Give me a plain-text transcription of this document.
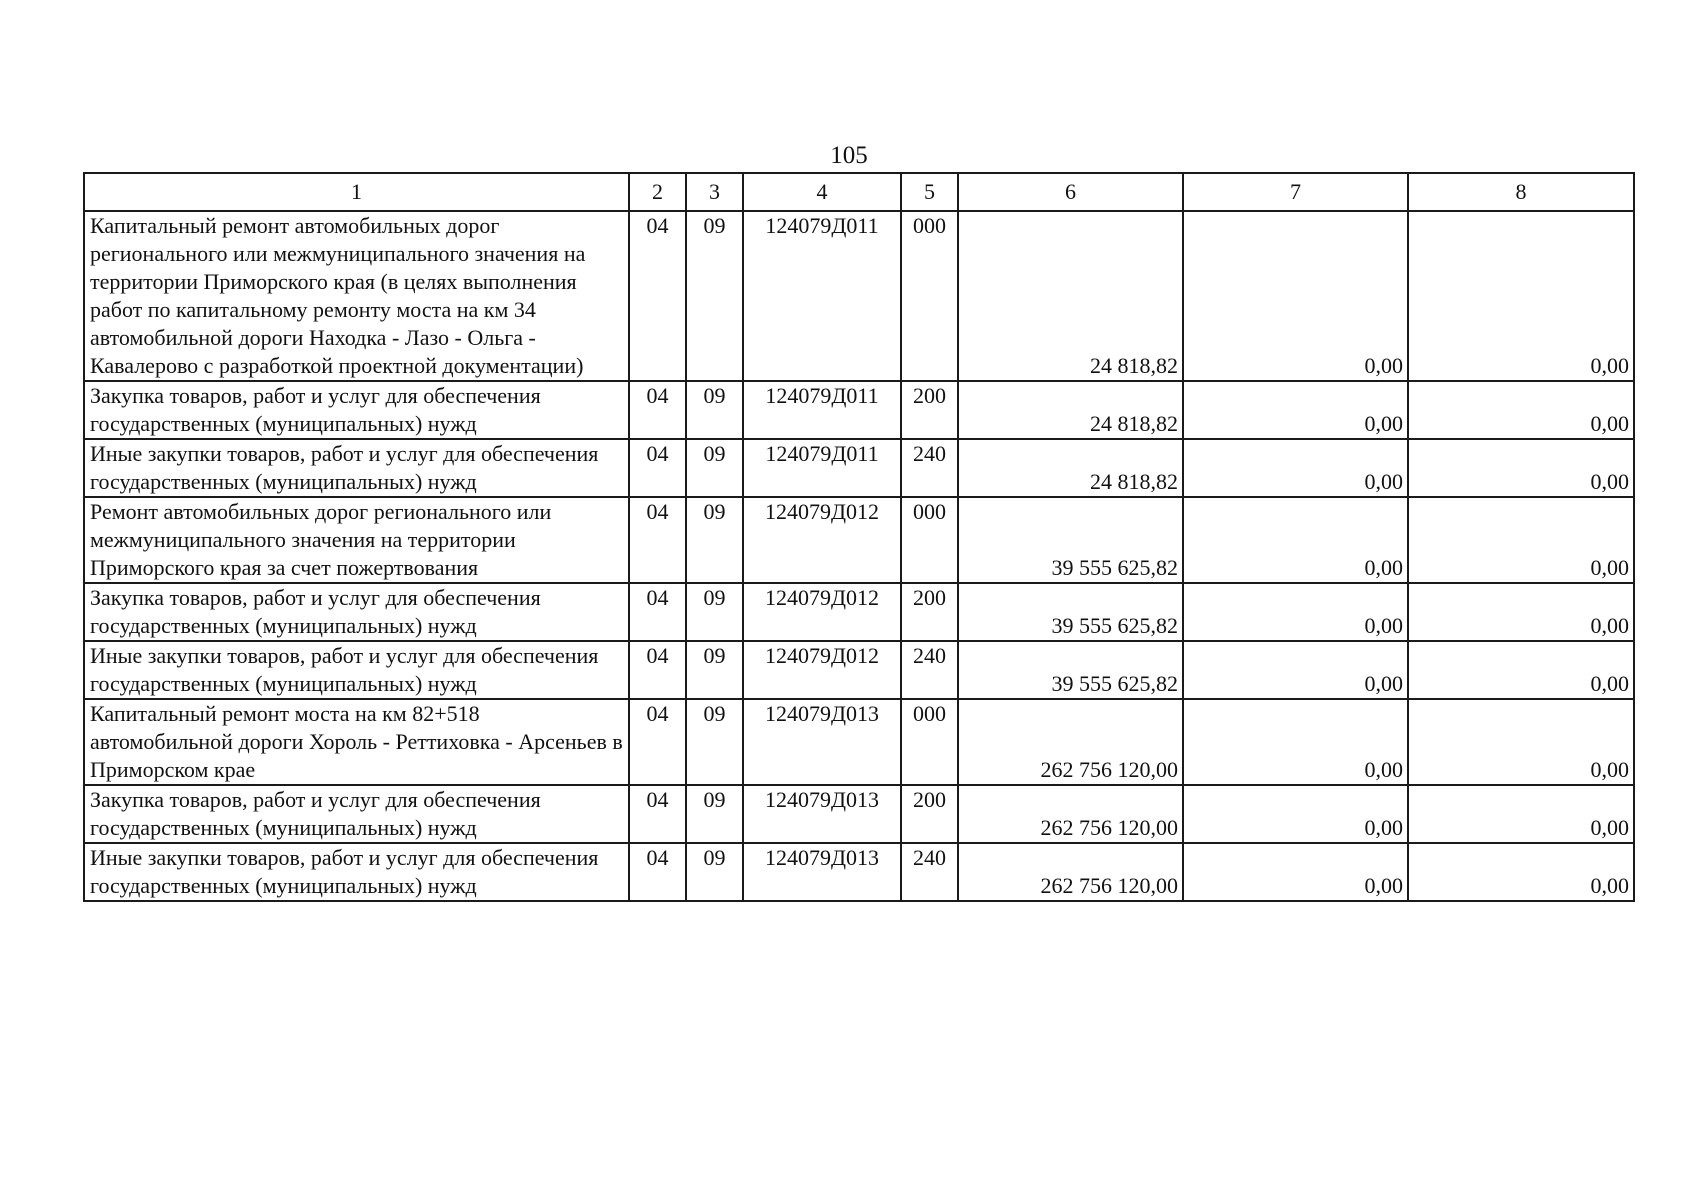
105
1	2	3	4	5	6	7	8
Капитальный ремонт автомобильных дорог регионального или межмуниципального значения на территории Приморского края (в целях выполнения работ по капитальному ремонту моста на км 34 автомобильной дороги Находка - Лазо - Ольга - Кавалерово с разработкой проектной документации)	04	09	124079Д011	000	24 818,82	0,00	0,00
Закупка товаров, работ и услуг для обеспечения государственных (муниципальных) нужд	04	09	124079Д011	200	24 818,82	0,00	0,00
Иные закупки товаров, работ и услуг для обеспечения государственных (муниципальных) нужд	04	09	124079Д011	240	24 818,82	0,00	0,00
Ремонт автомобильных дорог регионального или межмуниципального значения на территории Приморского края за счет пожертвования	04	09	124079Д012	000	39 555 625,82	0,00	0,00
Закупка товаров, работ и услуг для обеспечения государственных (муниципальных) нужд	04	09	124079Д012	200	39 555 625,82	0,00	0,00
Иные закупки товаров, работ и услуг для обеспечения государственных (муниципальных) нужд	04	09	124079Д012	240	39 555 625,82	0,00	0,00
Капитальный ремонт моста на км 82+518 автомобильной дороги Хороль - Реттиховка - Арсеньев в Приморском крае	04	09	124079Д013	000	262 756 120,00	0,00	0,00
Закупка товаров, работ и услуг для обеспечения государственных (муниципальных) нужд	04	09	124079Д013	200	262 756 120,00	0,00	0,00
Иные закупки товаров, работ и услуг для обеспечения государственных (муниципальных) нужд	04	09	124079Д013	240	262 756 120,00	0,00	0,00
